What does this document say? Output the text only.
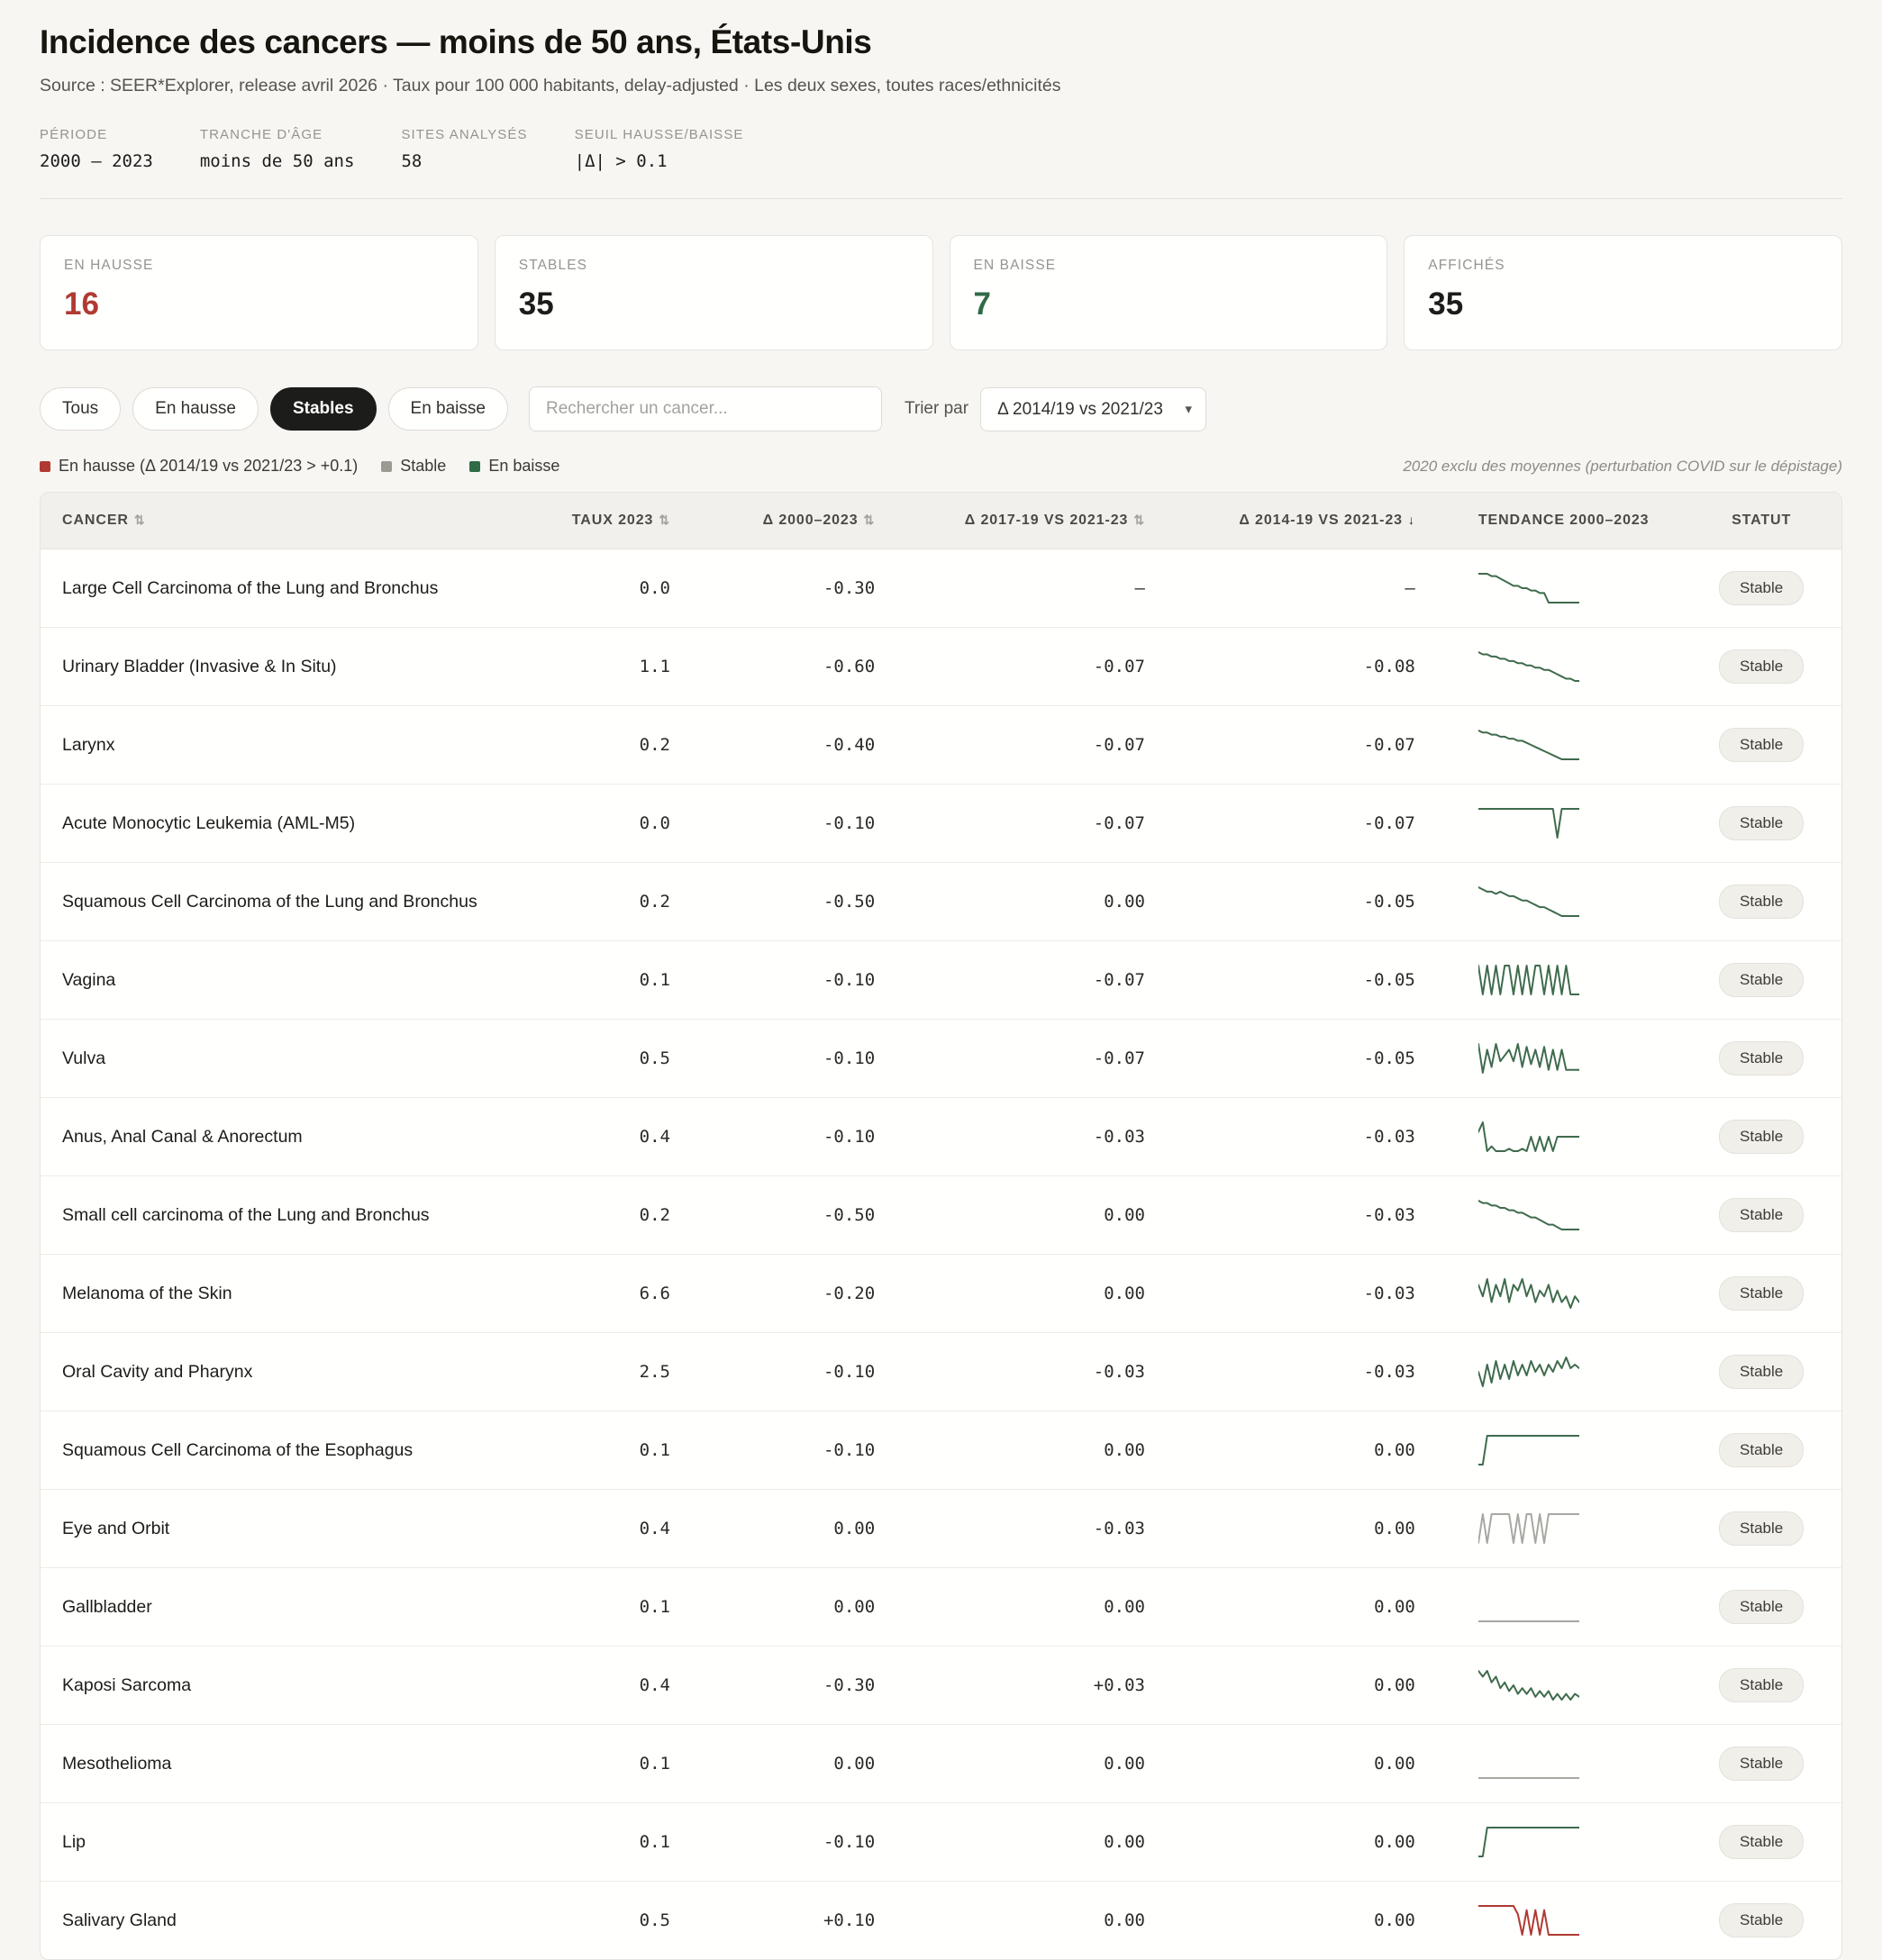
Incidence des cancers — moins de 50 ans, États-Unis
Source : SEER*Explorer, release avril 2026 · Taux pour 100 000 habitants, delay-adjusted · Les deux sexes, toutes races/ethnicités
PÉRIODE
2000 — 2023
TRANCHE D'ÂGE
moins de 50 ans
SITES ANALYSÉS
58
SEUIL HAUSSE/BAISSE
|Δ| > 0.1
EN HAUSSE
16
STABLES
35
EN BAISSE
7
AFFICHÉS
35
Tous	En hausse	Stables	En baisse
Rechercher un cancer...	Trier par
Δ 2014/19 vs 2021/23	▾
En hausse (Δ 2014/19 vs 2021/23 > +0.1)	Stable	En baisse	2020 exclu des moyennes (perturbation COVID sur le dépistage)
CANCER ⇅	TAUX 2023 ⇅	Δ 2000–2023 ⇅	Δ 2017-19 VS 2021-23 ⇅	Δ 2014-19 VS 2021-23 ↓	TENDANCE 2000–2023	STATUT
Large Cell Carcinoma of the Lung and Bronchus	0.0	-0.30	—	—		Stable
Urinary Bladder (Invasive & In Situ)	1.1	-0.60	-0.07	-0.08		Stable
Larynx	0.2	-0.40	-0.07	-0.07		Stable
Acute Monocytic Leukemia (AML-M5)	0.0	-0.10	-0.07	-0.07		Stable
Squamous Cell Carcinoma of the Lung and Bronchus	0.2	-0.50	0.00	-0.05		Stable
Vagina	0.1	-0.10	-0.07	-0.05		Stable
Vulva	0.5	-0.10	-0.07	-0.05		Stable
Anus, Anal Canal & Anorectum	0.4	-0.10	-0.03	-0.03		Stable
Small cell carcinoma of the Lung and Bronchus	0.2	-0.50	0.00	-0.03		Stable
Melanoma of the Skin	6.6	-0.20	0.00	-0.03		Stable
Oral Cavity and Pharynx	2.5	-0.10	-0.03	-0.03		Stable
Squamous Cell Carcinoma of the Esophagus	0.1	-0.10	0.00	0.00		Stable
Eye and Orbit	0.4	0.00	-0.03	0.00		Stable
Gallbladder	0.1	0.00	0.00	0.00		Stable
Kaposi Sarcoma	0.4	-0.30	+0.03	0.00		Stable
Mesothelioma	0.1	0.00	0.00	0.00		Stable
Lip	0.1	-0.10	0.00	0.00		Stable
Salivary Gland	0.5	+0.10	0.00	0.00		Stable
